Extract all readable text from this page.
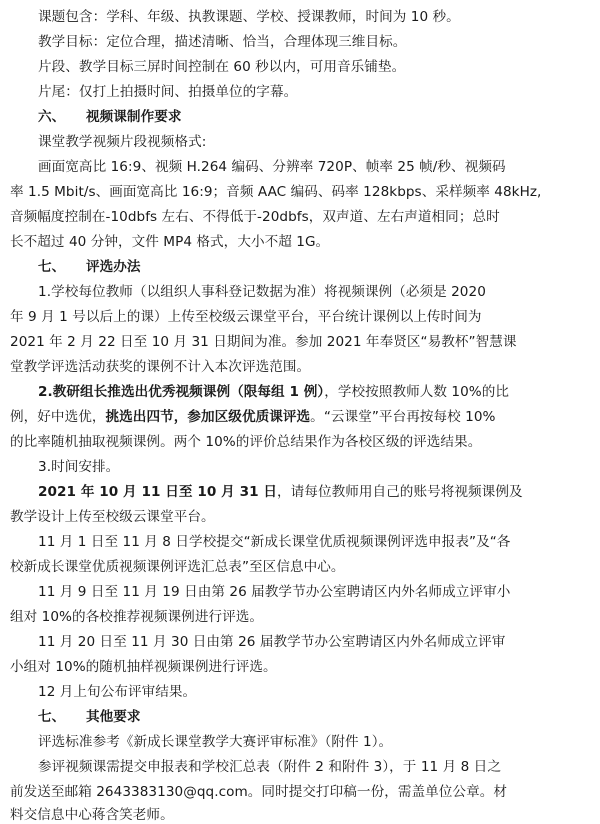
课题包含：学科、年级、执教课题、学校、授课教师，时间为 10 秒。
教学目标：定位合理，描述清晰、恰当，合理体现三维目标。
片段、教学目标三屏时间控制在 60 秒以内，可用音乐铺垫。
片尾：仅打上拍摄时间、拍摄单位的字幕。
六、 视频课制作要求
课堂教学视频片段视频格式:
画面宽高比 16:9、视频 H.264 编码、分辨率 720P、帧率 25 帧/秒、视频码
率 1.5 Mbit/s、画面宽高比 16:9；音频 AAC 编码、码率 128kbps、采样频率 48kHz,
音频幅度控制在-10dbfs 左右、不得低于-20dbfs，双声道、左右声道相同；总时
长不超过 40 分钟，文件 MP4 格式，大小不超 1G。
七、 评选办法
1.学校每位教师（以组织人事科登记数据为准）将视频课例（必须是 2020
年 9 月 1 号以后上的课）上传至校级云课堂平台，平台统计课例以上传时间为
2021 年 2 月 22 日至 10 月 31 日期间为准。参加 2021 年奉贤区“易教杯”智慧课
堂教学评选活动获奖的课例不计入本次评选范围。
2.教研组长推选出优秀视频课例（限每组 1 例），学校按照教师人数 10%的比
例，好中选优，挑选出四节，参加区级优质课评选。“云课堂”平台再按每校 10%
的比率随机抽取视频课例。两个 10%的评价总结果作为各校区级的评选结果。
3.时间安排。
2021 年 10 月 11 日至 10 月 31 日，请每位教师用自己的账号将视频课例及
教学设计上传至校级云课堂平台。
11 月 1 日至 11 月 8 日学校提交“新成长课堂优质视频课例评选申报表”及“各
校新成长课堂优质视频课例评选汇总表”至区信息中心。
11 月 9 日至 11 月 19 日由第 26 届教学节办公室聘请区内外名师成立评审小
组对 10%的各校推荐视频课例进行评选。
11 月 20 日至 11 月 30 日由第 26 届教学节办公室聘请区内外名师成立评审
小组对 10%的随机抽样视频课例进行评选。
12 月上旬公布评审结果。
七、 其他要求
评选标准参考《新成长课堂教学大赛评审标准》（附件 1）。
参评视频课需提交申报表和学校汇总表（附件 2 和附件 3），于 11 月 8 日之
前发送至邮箱 2643383130@qq.com。同时提交打印稿一份，需盖单位公章。材
料交信息中心蒋含笑老师。
